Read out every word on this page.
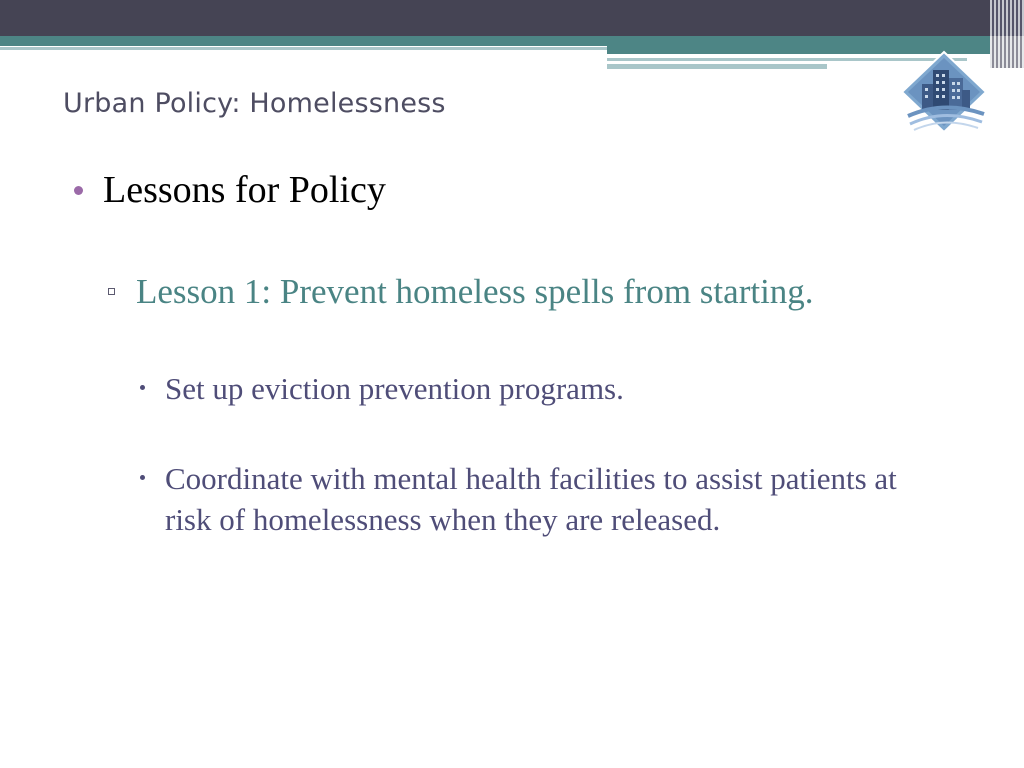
Urban Policy: Homelessness
Lessons for Policy
Lesson 1: Prevent homeless spells from starting.
Set up eviction prevention programs.
Coordinate with mental health facilities to assist patients at risk of homelessness when they are released.
